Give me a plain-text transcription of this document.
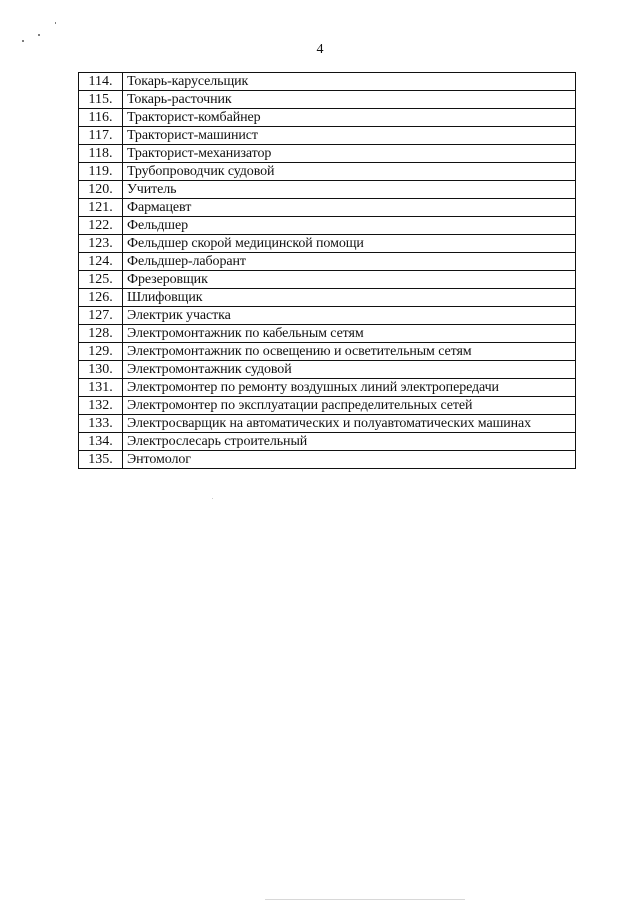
4
114.	Токарь-карусельщик
115.	Токарь-расточник
116.	Тракторист-комбайнер
117.	Тракторист-машинист
118.	Тракторист-механизатор
119.	Трубопроводчик судовой
120.	Учитель
121.	Фармацевт
122.	Фельдшер
123.	Фельдшер скорой медицинской помощи
124.	Фельдшер-лаборант
125.	Фрезеровщик
126.	Шлифовщик
127.	Электрик участка
128.	Электромонтажник по кабельным сетям
129.	Электромонтажник по освещению и осветительным сетям
130.	Электромонтажник судовой
131.	Электромонтер по ремонту воздушных линий электропередачи
132.	Электромонтер по эксплуатации распределительных сетей
133.	Электросварщик на автоматических и полуавтоматических машинах
134.	Электрослесарь строительный
135.	Энтомолог
